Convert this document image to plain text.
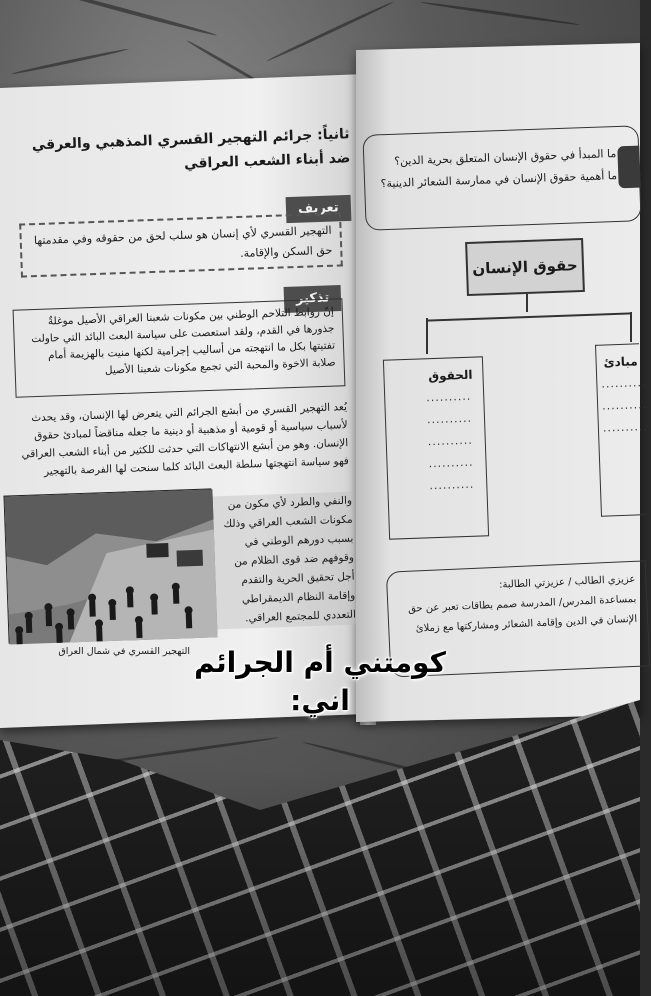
ثانياً: جرائم التهجير القسري المذهبي والعرقي ضد أبناء الشعب العراقي
تعريف
التهجير القسري لأي إنسان هو سلب لحق من حقوقه وفي مقدمتها حق السكن والإقامة.
تذكير
إنّ روابط التلاحم الوطني بين مكونات شعبنا العراقي الأصيل موغلةٌ جذورها في القدم، ولقد استعصت على سياسة البعث البائد التي حاولت تفتيتها بكل ما انتهجته من أساليب إجرامية لكنها منيت بالهزيمة أمام صلابة الاخوة والمحبة التي تجمع مكونات شعبنا الأصيل
يُعد التهجير القسري من أبشع الجرائم التي يتعرض لها الإنسان، وقد يحدث لأسباب سياسية أو قومية أو مذهبية أو دينية ما جعله مناقضاً لمبادئ حقوق الإنسان. وهو من أبشع الانتهاكات التي حدثت للكثير من أبناء الشعب العراقي فهو سياسة انتهجتها سلطة البعث البائد كلما سنحت لها الفرصة بالتهجير
والنفي والطرد لأي مكون من مكونات الشعب العراقي وذلك بسبب دورهم الوطني في وقوفهم ضد قوى الظلام من أجل تحقيق الحرية والتقدم وإقامة النظام الديمقراطي التعددي للمجتمع العراقي.
التهجير القسري في شمال العراق
ما المبدأ في حقوق الإنسان المتعلق بحرية الدين؟
ما أهمية حقوق الإنسان في ممارسة الشعائر الدينية؟
حقوق الإنسان
الحقوق
..........
..........
..........
..........
..........
مبادئ
..........
..........
..........
عزيزي الطالب / عزيزتي الطالبة:
بمساعدة المدرس/ المدرسة صمم بطاقات تعبر عن حق
الإنسان في الدين وإقامة الشعائر ومشاركتها مع زملائ
كومتني أم الجرائم
اني:
